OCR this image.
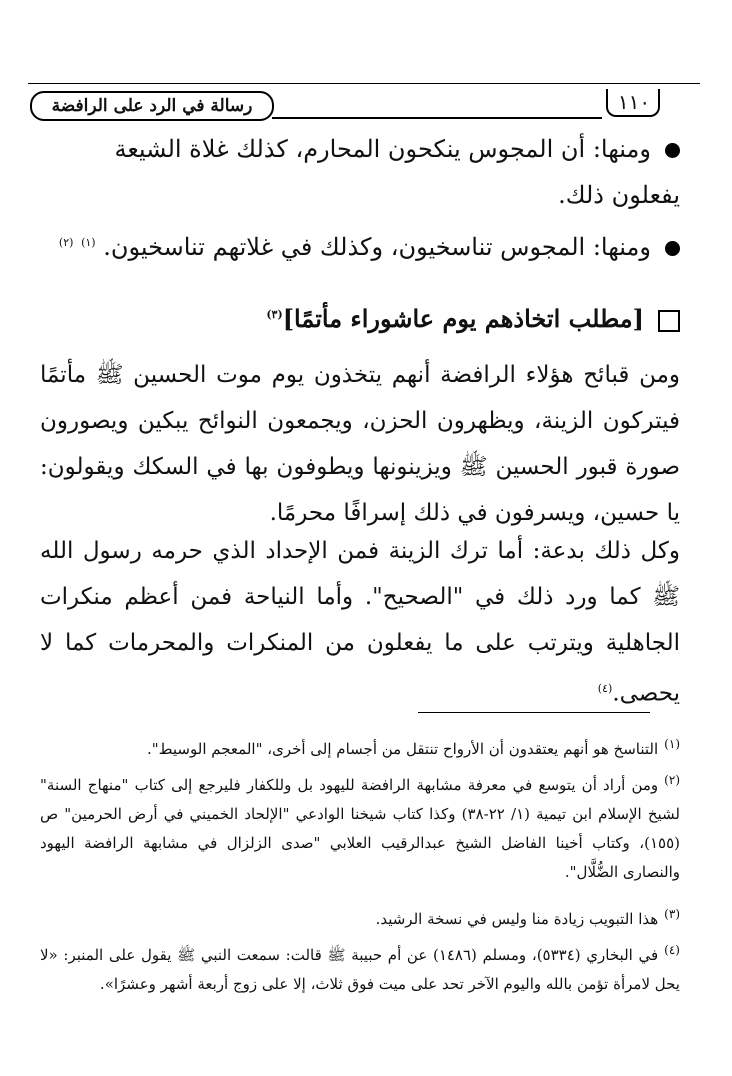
رسالة في الرد على الرافضة	١١٠
ومنها: أن المجوس ينكحون المحارم، كذلك غلاة الشيعة يفعلون ذلك.
ومنها: المجوس تناسخيون، وكذلك في غلاتهم تناسخيون. $^{(١)}$ $^{(٢)}$
[مطلب اتخاذهم يوم عاشوراء مأتمًا]$^{(٣)}$
ومن قبائح هؤلاء الرافضة أنهم يتخذون يوم موت الحسين ﷺ مأتمًا فيتركون الزينة، ويظهرون الحزن، ويجمعون النوائح يبكين ويصورون صورة قبور الحسين ﷺ ويزينونها ويطوفون بها في السكك ويقولون: يا حسين، ويسرفون في ذلك إسرافًا محرمًا.
وكل ذلك بدعة: أما ترك الزينة فمن الإحداد الذي حرمه رسول الله ﷺ كما ورد ذلك في "الصحيح". وأما النياحة فمن أعظم منكرات الجاهلية ويترتب على ما يفعلون من المنكرات والمحرمات كما لا يحصى.$^{(٤)}$
$^{(١)}$التناسخ هو أنهم يعتقدون أن الأرواح تنتقل من أجسام إلى أخرى، "المعجم الوسيط".
$^{(٢)}$ومن أراد أن يتوسع في معرفة مشابهة الرافضة لليهود بل وللكفار فليرجع إلى كتاب "منهاج السنة" لشيخ الإسلام ابن تيمية (١/ ٢٢-٣٨) وكذا كتاب شيخنا الوادعي "الإلحاد الخميني في أرض الحرمين" ص (١٥٥)، وكتاب أخينا الفاضل الشيخ عبدالرقيب العلابي "صدى الزلزال في مشابهة الرافضة اليهود والنصارى الضُّلَّال".
$^{(٣)}$هذا التبويب زيادة منا وليس في نسخة الرشيد.
$^{(٤)}$في البخاري (٥٣٣٤)، ومسلم (١٤٨٦) عن أم حبيبة ﷺ قالت: سمعت النبي ﷺ يقول على المنبر: «لا يحل لامرأة تؤمن بالله واليوم الآخر تحد على ميت فوق ثلاث، إلا على زوج أربعة أشهر وعشرًا».
